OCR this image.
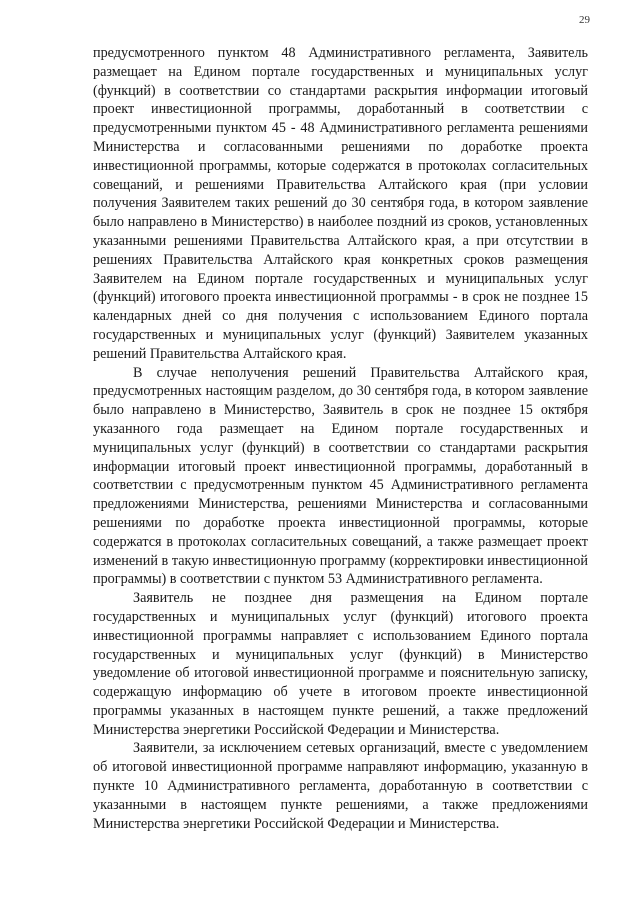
29

предусмотренного пунктом 48 Административного регламента, Заявитель размещает на Едином портале государственных и муниципальных услуг (функций) в соответствии со стандартами раскрытия информации итоговый проект инвестиционной программы, доработанный в соответствии с предусмотренными пунктом 45 - 48 Административного регламента решениями Министерства и согласованными решениями по доработке проекта инвестиционной программы, которые содержатся в протоколах согласительных совещаний, и решениями Правительства Алтайского края (при условии получения Заявителем таких решений до 30 сентября года, в котором заявление было направлено в Министерство) в наиболее поздний из сроков, установленных указанными решениями Правительства Алтайского края, а при отсутствии в решениях Правительства Алтайского края конкретных сроков размещения Заявителем на Едином портале государственных и муниципальных услуг (функций) итогового проекта инвестиционной программы - в срок не позднее 15 календарных дней со дня получения с использованием Единого портала государственных и муниципальных услуг (функций) Заявителем указанных решений Правительства Алтайского края.

В случае неполучения решений Правительства Алтайского края, предусмотренных настоящим разделом, до 30 сентября года, в котором заявление было направлено в Министерство, Заявитель в срок не позднее 15 октября указанного года размещает на Едином портале государственных и муниципальных услуг (функций) в соответствии со стандартами раскрытия информации итоговый проект инвестиционной программы, доработанный в соответствии с предусмотренным пунктом 45 Административного регламента предложениями Министерства, решениями Министерства и согласованными решениями по доработке проекта инвестиционной программы, которые содержатся в протоколах согласительных совещаний, а также размещает проект изменений в такую инвестиционную программу (корректировки инвестиционной программы) в соответствии с пунктом 53 Административного регламента.

Заявитель не позднее дня размещения на Едином портале государственных и муниципальных услуг (функций) итогового проекта инвестиционной программы направляет с использованием Единого портала государственных и муниципальных услуг (функций) в Министерство уведомление об итоговой инвестиционной программе и пояснительную записку, содержащую информацию об учете в итоговом проекте инвестиционной программы указанных в настоящем пункте решений, а также предложений Министерства энергетики Российской Федерации и Министерства.

Заявители, за исключением сетевых организаций, вместе с уведомлением об итоговой инвестиционной программе направляют информацию, указанную в пункте 10 Административного регламента, доработанную в соответствии с указанными в настоящем пункте решениями, а также предложениями Министерства энергетики Российской Федерации и Министерства.
